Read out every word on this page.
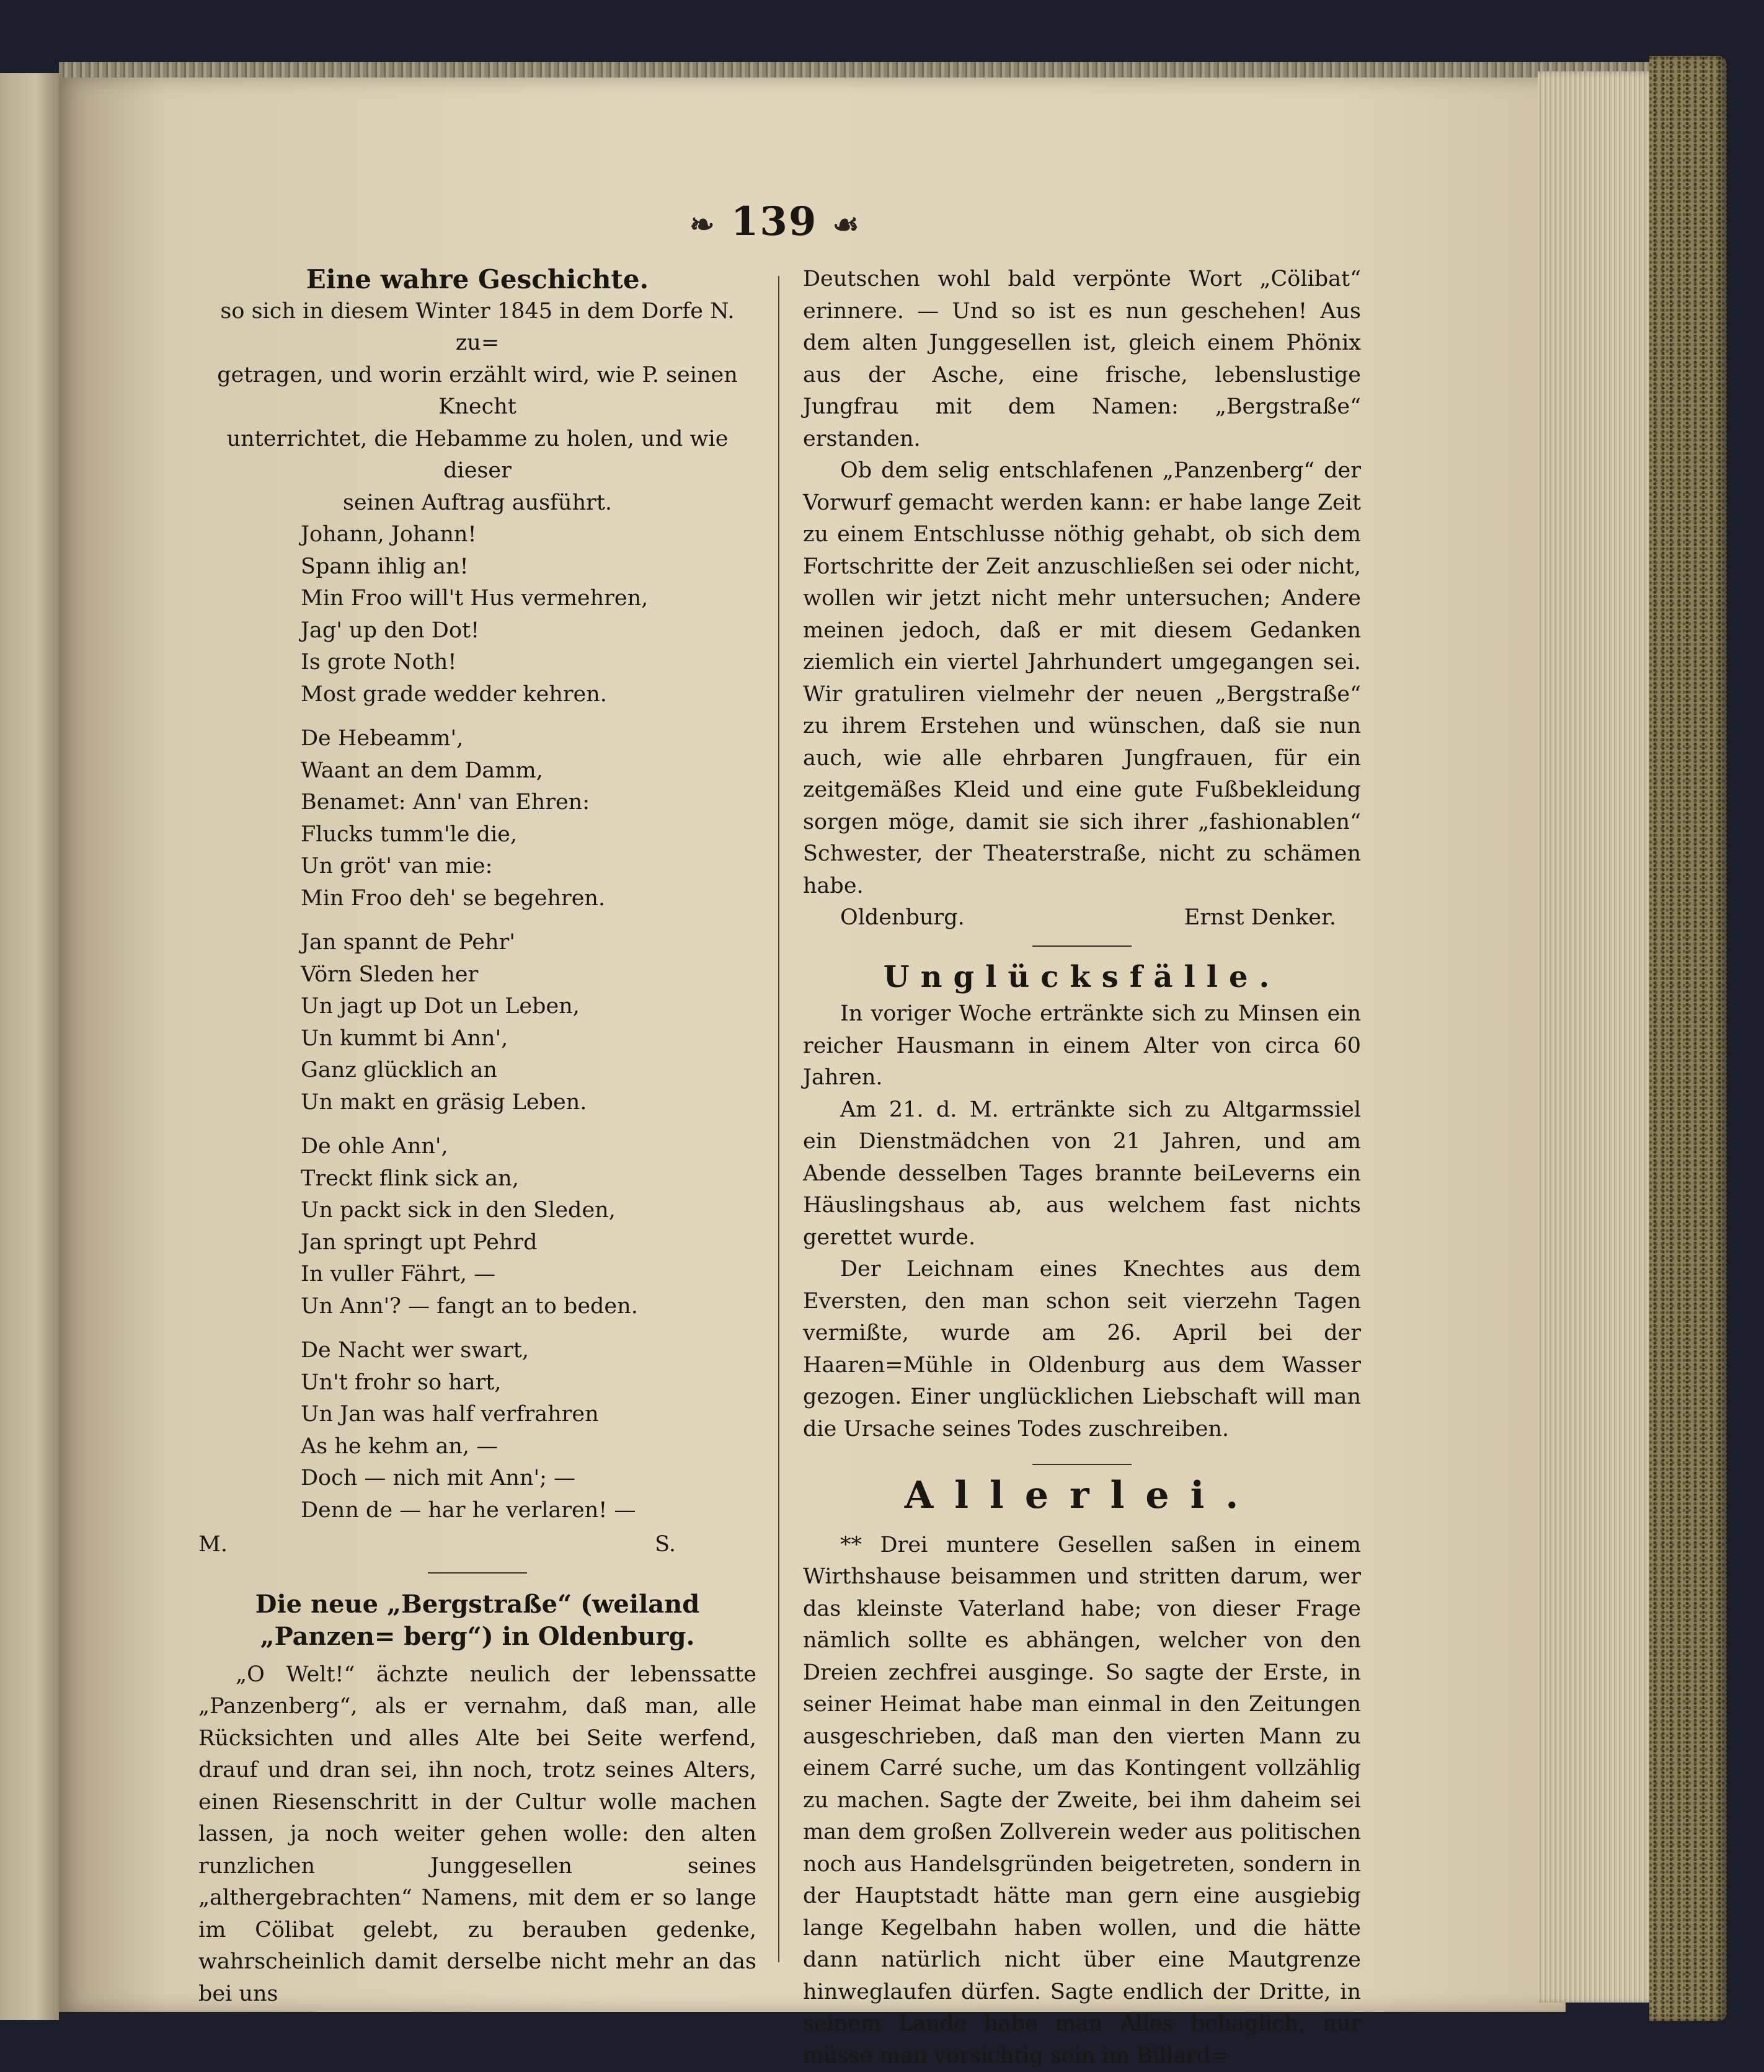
❧ 139 ☙
Eine wahre Geschichte.
so sich in diesem Winter 1845 in dem Dorfe N. zu=
getragen, und worin erzählt wird, wie P. seinen Knecht
unterrichtet, die Hebamme zu holen, und wie dieser
seinen Auftrag ausführt.
Johann, Johann!
Spann ihlig an!
Min Froo will't Hus vermehren,
Jag' up den Dot!
Is grote Noth!
Most grade wedder kehren.
De Hebeamm',
Waant an dem Damm,
Benamet: Ann' van Ehren:
Flucks tumm'le die,
Un gröt' van mie:
Min Froo deh' se begehren.
Jan spannt de Pehr'
Vörn Sleden her
Un jagt up Dot un Leben,
Un kummt bi Ann',
Ganz glücklich an
Un makt en gräsig Leben.
De ohle Ann',
Treckt flink sick an,
Un packt sick in den Sleden,
Jan springt upt Pehrd
In vuller Fährt, —
Un Ann'? — fangt an to beden.
De Nacht wer swart,
Un't frohr so hart,
Un Jan was half verfrahren
As he kehm an, —
Doch — nich mit Ann'; —
Denn de — har he verlaren! —
M.	S.
Die neue „Bergstraße“ (weiland „Panzen= berg“) in Oldenburg.
„O Welt!“ ächzte neulich der lebenssatte „Panzenberg“, als er vernahm, daß man, alle Rücksichten und alles Alte bei Seite werfend, drauf und dran sei, ihn noch, trotz seines Alters, einen Riesenschritt in der Cultur wolle machen lassen, ja noch weiter gehen wolle: den alten runzlichen Junggesellen seines „althergebrachten“ Namens, mit dem er so lange im Cölibat gelebt, zu berauben gedenke, wahrscheinlich damit derselbe nicht mehr an das bei uns
Deutschen wohl bald verpönte Wort „Cölibat“ erinnere. — Und so ist es nun geschehen! Aus dem alten Junggesellen ist, gleich einem Phönix aus der Asche, eine frische, lebenslustige Jungfrau mit dem Namen: „Bergstraße“ erstanden.
Ob dem selig entschlafenen „Panzenberg“ der Vorwurf gemacht werden kann: er habe lange Zeit zu einem Entschlusse nöthig gehabt, ob sich dem Fortschritte der Zeit anzuschließen sei oder nicht, wollen wir jetzt nicht mehr untersuchen; Andere meinen jedoch, daß er mit diesem Gedanken ziemlich ein viertel Jahrhundert umgegangen sei. Wir gratuliren vielmehr der neuen „Bergstraße“ zu ihrem Erstehen und wünschen, daß sie nun auch, wie alle ehrbaren Jungfrauen, für ein zeitgemäßes Kleid und eine gute Fußbekleidung sorgen möge, damit sie sich ihrer „fashionablen“ Schwester, der Theaterstraße, nicht zu schämen habe.
Oldenburg.	Ernst Denker.
Unglücksfälle.
In voriger Woche ertränkte sich zu Minsen ein reicher Hausmann in einem Alter von circa 60 Jahren.
Am 21. d. M. ertränkte sich zu Altgarmssiel ein Dienstmädchen von 21 Jahren, und am Abende desselben Tages brannte beiLeverns ein Häuslingshaus ab, aus welchem fast nichts gerettet wurde.
Der Leichnam eines Knechtes aus dem Eversten, den man schon seit vierzehn Tagen vermißte, wurde am 26. April bei der Haaren=Mühle in Oldenburg aus dem Wasser gezogen. Einer unglücklichen Liebschaft will man die Ursache seines Todes zuschreiben.
Allerlei.
** Drei muntere Gesellen saßen in einem Wirthshause beisammen und stritten darum, wer das kleinste Vaterland habe; von dieser Frage nämlich sollte es abhängen, welcher von den Dreien zechfrei ausginge. So sagte der Erste, in seiner Heimat habe man einmal in den Zeitungen ausgeschrieben, daß man den vierten Mann zu einem Carré suche, um das Kontingent vollzählig zu machen. Sagte der Zweite, bei ihm daheim sei man dem großen Zollverein weder aus politischen noch aus Handelsgründen beigetreten, sondern in der Hauptstadt hätte man gern eine ausgiebig lange Kegelbahn haben wollen, und die hätte dann natürlich nicht über eine Mautgrenze hinweglaufen dürfen. Sagte endlich der Dritte, in seinem Lande habe man Alles behaglich, nur müsse man vorsichtig sein im Billard=
